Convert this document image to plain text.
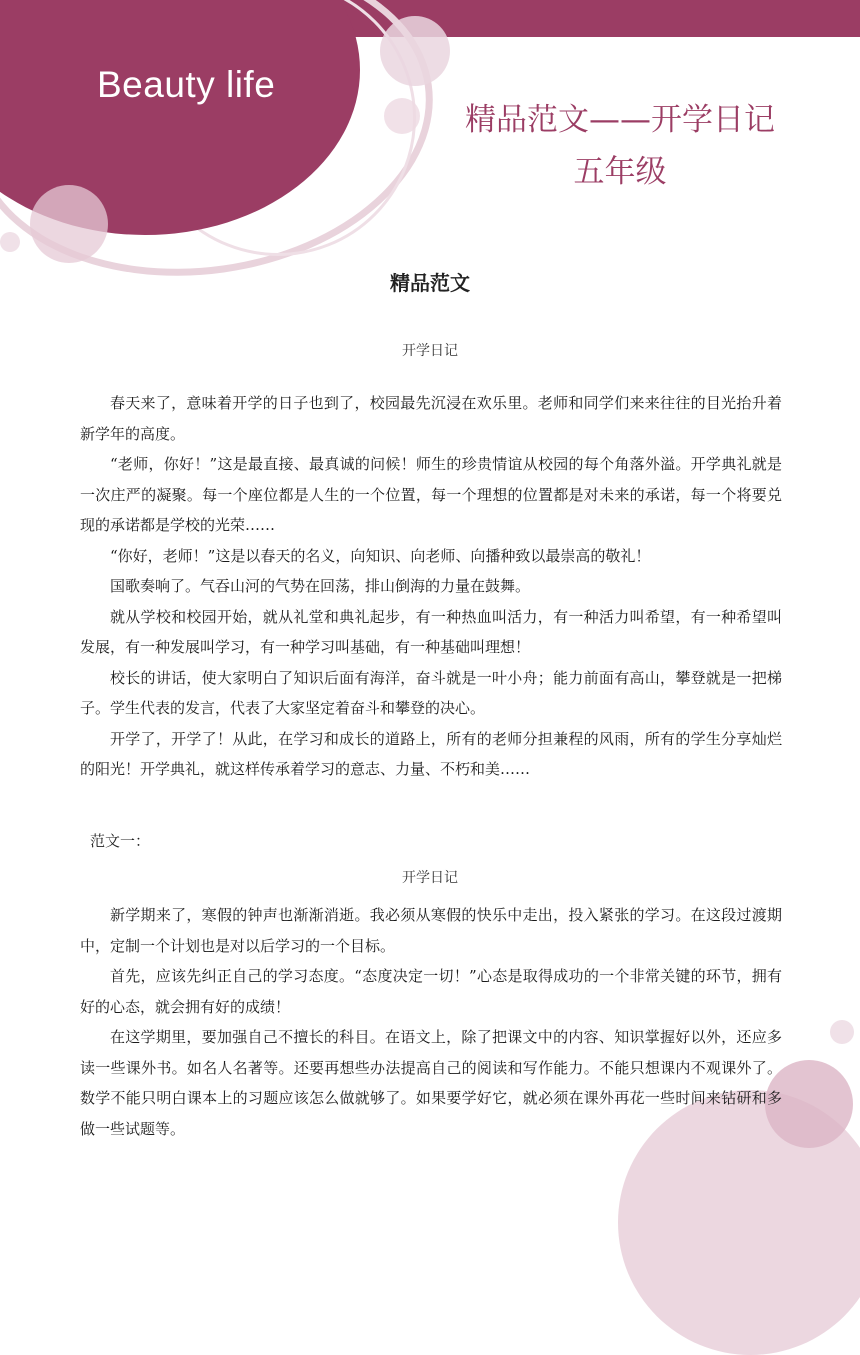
Beauty life
精品范文——开学日记
五年级
精品范文
开学日记

春天来了，意味着开学的日子也到了，校园最先沉浸在欢乐里。老师和同学们来来往往的目光抬升着新学年的高度。

“老师，你好！”这是最直接、最真诚的问候！师生的珍贵情谊从校园的每个角落外溢。开学典礼就是一次庄严的凝聚。每一个座位都是人生的一个位置，每一个理想的位置都是对未来的承诺，每一个将要兑现的承诺都是学校的光荣……

“你好，老师！”这是以春天的名义，向知识、向老师、向播种致以最崇高的敬礼！

国歌奏响了。气吞山河的气势在回荡，排山倒海的力量在鼓舞。

就从学校和校园开始，就从礼堂和典礼起步，有一种热血叫活力，有一种活力叫希望，有一种希望叫发展，有一种发展叫学习，有一种学习叫基础，有一种基础叫理想！

校长的讲话，使大家明白了知识后面有海洋，奋斗就是一叶小舟；能力前面有高山，攀登就是一把梯子。学生代表的发言，代表了大家坚定着奋斗和攀登的决心。

开学了，开学了！从此，在学习和成长的道路上，所有的老师分担兼程的风雨，所有的学生分享灿烂的阳光！开学典礼，就这样传承着学习的意志、力量、不朽和美……

范文一：
开学日记

新学期来了，寒假的钟声也渐渐消逝。我必须从寒假的快乐中走出，投入紧张的学习。在这段过渡期中，定制一个计划也是对以后学习的一个目标。

首先，应该先纠正自己的学习态度。“态度决定一切！”心态是取得成功的一个非常关键的环节，拥有好的心态，就会拥有好的成绩！

在这学期里，要加强自己不擅长的科目。在语文上，除了把课文中的内容、知识掌握好以外，还应多读一些课外书。如名人名著等。还要再想些办法提高自己的阅读和写作能力。不能只想课内不观课外了。数学不能只明白课本上的习题应该怎么做就够了。如果要学好它，就必须在课外再花一些时间来钻研和多做一些试题等。
